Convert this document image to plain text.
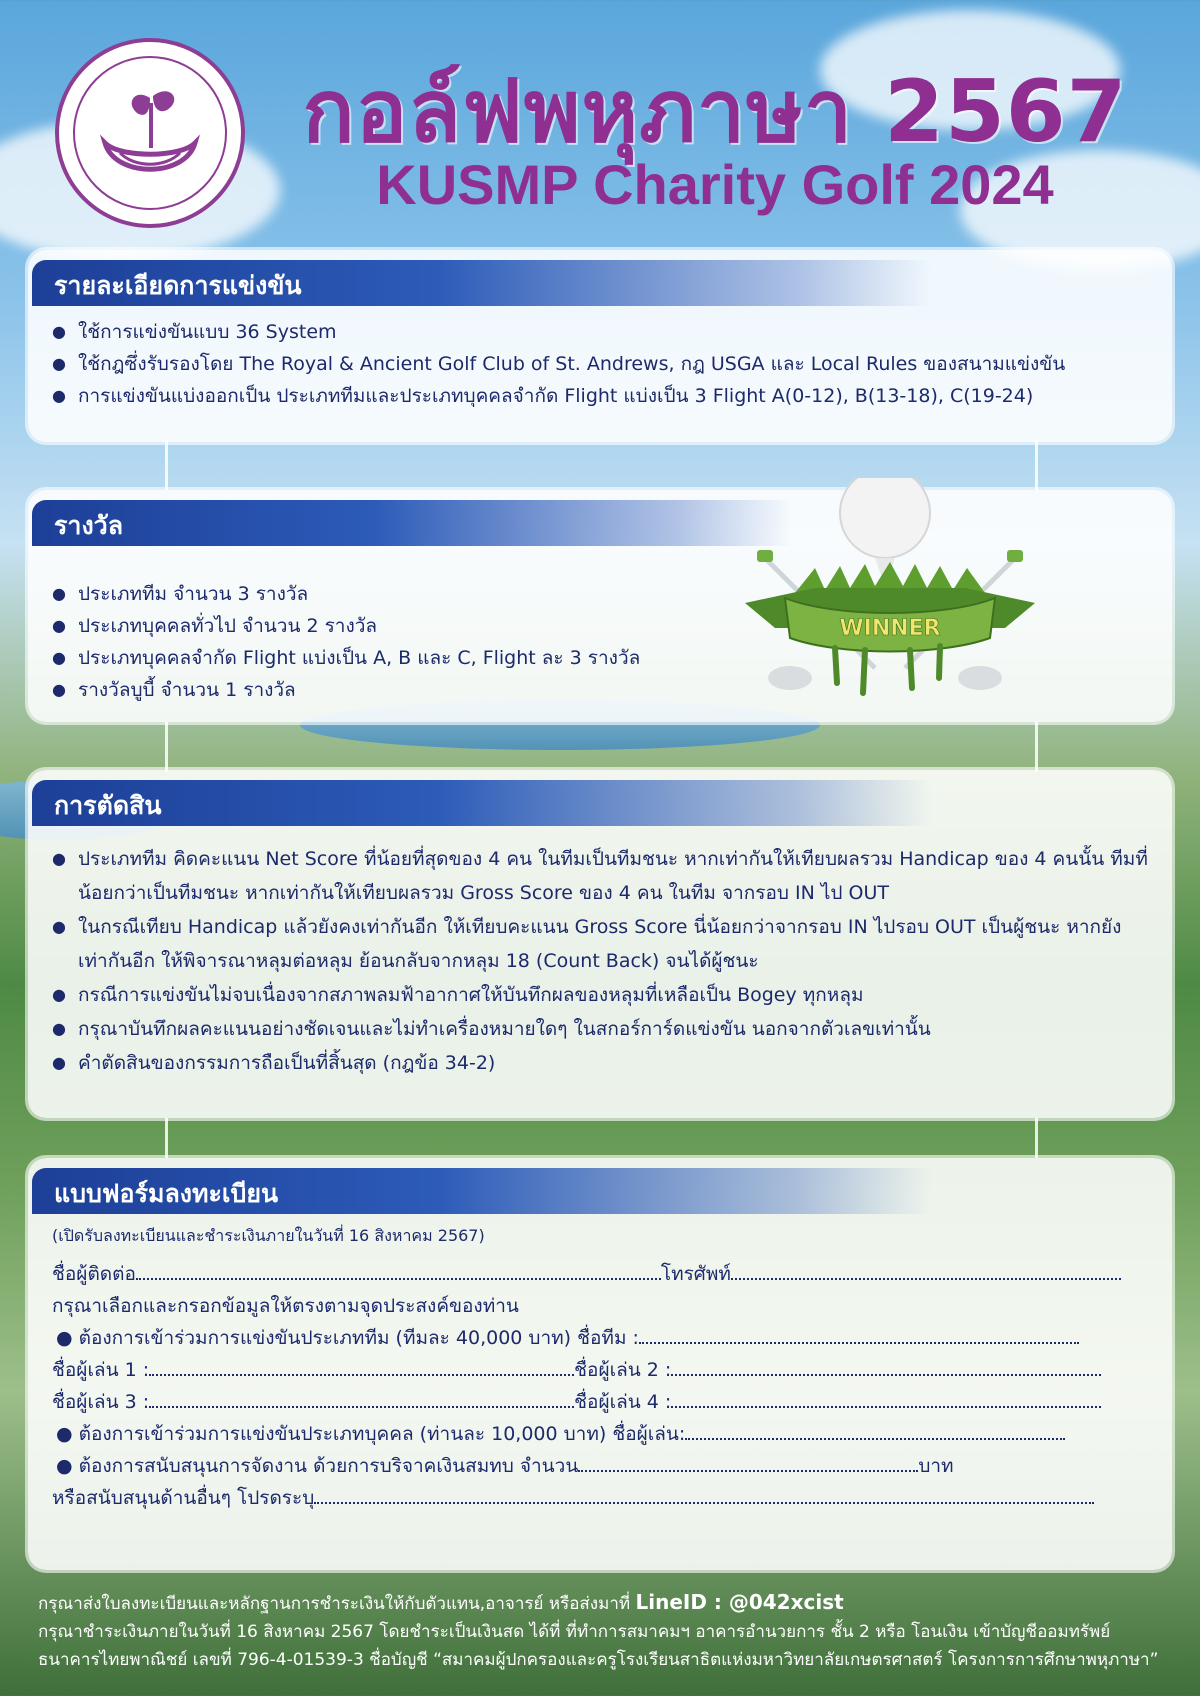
กอล์ฟพหุภาษา 2567
KUSMP Charity Golf 2024
รายละเอียดการแข่งขัน
● ใช้การแข่งขันแบบ 36 System
● ใช้กฎซึ่งรับรองโดย The Royal & Ancient Golf Club of St. Andrews, กฎ USGA และ Local Rules ของสนามแข่งขัน
● การแข่งขันแบ่งออกเป็น ประเภททีมและประเภทบุคคลจำกัด Flight แบ่งเป็น 3 Flight A(0-12), B(13-18), C(19-24)
รางวัล
● ประเภททีม จำนวน 3 รางวัล
● ประเภทบุคคลทั่วไป จำนวน 2 รางวัล
● ประเภทบุคคลจำกัด Flight แบ่งเป็น A, B และ C, Flight ละ 3 รางวัล
● รางวัลบูบี้ จำนวน 1 รางวัล
WINNER
การตัดสิน
● ประเภททีม คิดคะแนน Net Score ที่น้อยที่สุดของ 4 คน ในทีมเป็นทีมชนะ หากเท่ากันให้เทียบผลรวม Handicap ของ 4 คนนั้น ทีมที่น้อยกว่าเป็นทีมชนะ หากเท่ากันให้เทียบผลรวม Gross Score ของ 4 คน ในทีม จากรอบ IN ไป OUT
● ในกรณีเทียบ Handicap แล้วยังคงเท่ากันอีก ให้เทียบคะแนน Gross Score นี่น้อยกว่าจากรอบ IN ไปรอบ OUT เป็นผู้ชนะ หากยังเท่ากันอีก ให้พิจารณาหลุมต่อหลุม ย้อนกลับจากหลุม 18 (Count Back) จนได้ผู้ชนะ
● กรณีการแข่งขันไม่จบเนื่องจากสภาพลมฟ้าอากาศให้บันทึกผลของหลุมที่เหลือเป็น Bogey ทุกหลุม
● กรุณาบันทึกผลคะแนนอย่างชัดเจนและไม่ทำเครื่องหมายใดๆ ในสกอร์การ์ดแข่งขัน นอกจากตัวเลขเท่านั้น
● คำตัดสินของกรรมการถือเป็นที่สิ้นสุด (กฎข้อ 34-2)
แบบฟอร์มลงทะเบียน
(เปิดรับลงทะเบียนและชำระเงินภายในวันที่ 16 สิงหาคม 2567)
ชื่อผู้ติดต่อ	โทรศัพท์
กรุณาเลือกและกรอกข้อมูลให้ตรงตามจุดประสงค์ของท่าน
● ต้องการเข้าร่วมการแข่งขันประเภททีม (ทีมละ 40,000 บาท) ชื่อทีม :
ชื่อผู้เล่น 1 :	ชื่อผู้เล่น 2 :
ชื่อผู้เล่น 3 :	ชื่อผู้เล่น 4 :
● ต้องการเข้าร่วมการแข่งขันประเภทบุคคล (ท่านละ 10,000 บาท) ชื่อผู้เล่น:
● ต้องการสนับสนุนการจัดงาน ด้วยการบริจาคเงินสมทบ จำนวน	บาท
หรือสนับสนุนด้านอื่นๆ โปรดระบุ
กรุณาส่งใบลงทะเบียนและหลักฐานการชำระเงินให้กับตัวแทน,อาจารย์ หรือส่งมาที่ LineID : @042xcist
กรุณาชำระเงินภายในวันที่ 16 สิงหาคม 2567 โดยชำระเป็นเงินสด ได้ที่ ที่ทำการสมาคมฯ อาคารอำนวยการ ชั้น 2 หรือ โอนเงิน เข้าบัญชีออมทรัพย์
ธนาคารไทยพาณิชย์ เลขที่ 796-4-01539-3 ชื่อบัญชี “สมาคมผู้ปกครองและครูโรงเรียนสาธิตแห่งมหาวิทยาลัยเกษตรศาสตร์ โครงการการศึกษาพหุภาษา”
